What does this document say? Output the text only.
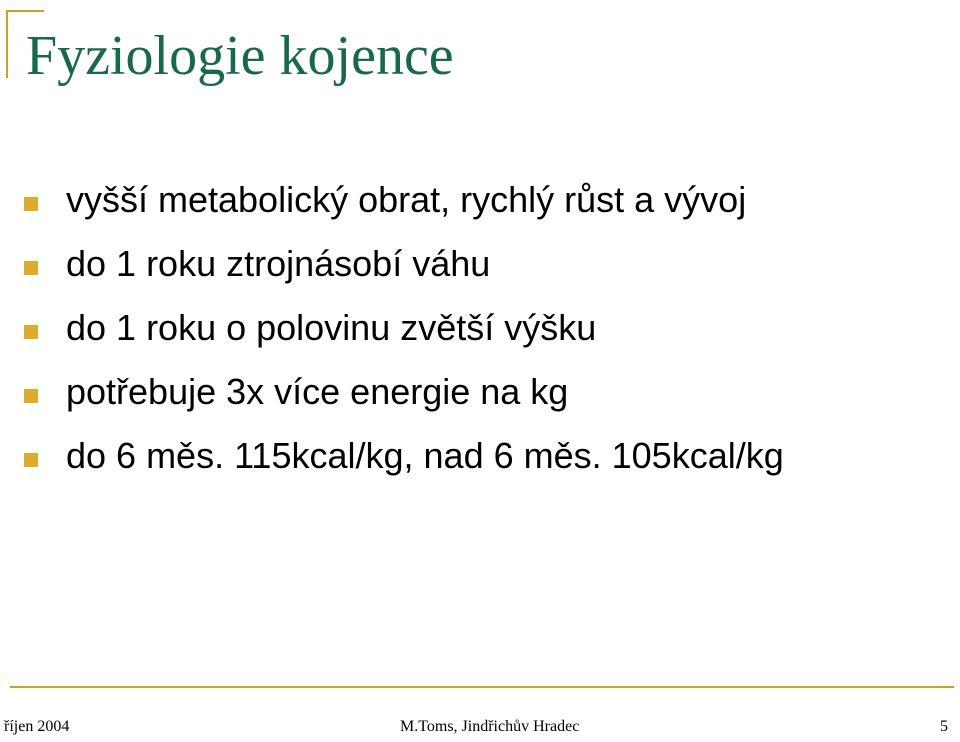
Fyziologie kojence
vyšší metabolický obrat, rychlý růst a vývoj
do 1 roku ztrojnásobí váhu
do 1 roku o polovinu zvětší výšku
potřebuje 3x více energie na kg
do 6 měs. 115kcal/kg, nad 6 měs. 105kcal/kg
říjen 2004	M.Toms, Jindřichův Hradec	5
